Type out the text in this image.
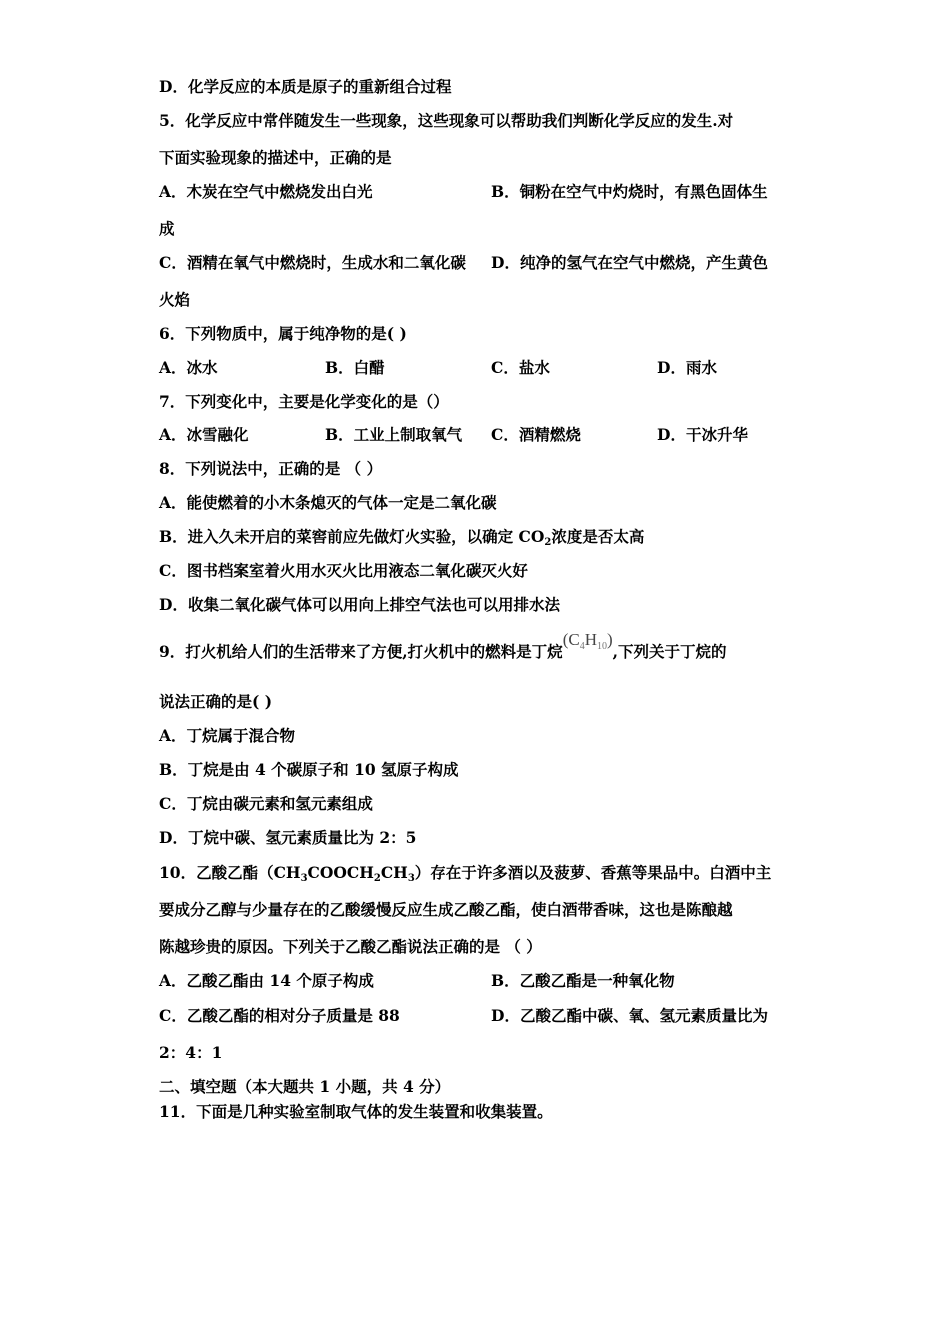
D．化学反应的本质是原子的重新组合过程
5．化学反应中常伴随发生一些现象，这些现象可以帮助我们判断化学反应的发生.对
下面实验现象的描述中，正确的是
A．木炭在空气中燃烧发出白光	B．铜粉在空气中灼烧时，有黑色固体生
成
C．酒精在氧气中燃烧时，生成水和二氧化碳 D．纯净的氢气在空气中燃烧，产生黄色
火焰
6．下列物质中，属于纯净物的是( )
A．冰水	B．白醋	C．盐水	D．雨水
7．下列变化中，主要是化学变化的是（）
A．冰雪融化	B．工业上制取氧气 C．酒精燃烧	D．干冰升华
8．下列说法中，正确的是 （ ）
A．能使燃着的小木条熄灭的气体一定是二氧化碳
B．进入久未开启的菜窖前应先做灯火实验，以确定 $CO_2$浓度是否太高
C．图书档案室着火用水灭火比用液态二氧化碳灭火好
D．收集二氧化碳气体可以用向上排空气法也可以用排水法
9．打火机给人们的生活带来了方便,打火机中的燃料是丁烷$(C_4H_{10})$,下列关于丁烷的
说法正确的是( )
A．丁烷属于混合物
B．丁烷是由 4 个碳原子和 10 氢原子构成
C．丁烷由碳元素和氢元素组成
D．丁烷中碳、氢元素质量比为 2：5
10．乙酸乙酯$(CH_3COOCH_2CH_3)$存在于许多酒以及菠萝、香蕉等果品中。白酒中主
要成分乙醇与少量存在的乙酸缓慢反应生成乙酸乙酯，使白酒带香味，这也是陈酿越
陈越珍贵的原因。下列关于乙酸乙酯说法正确的是 （ ）
A．乙酸乙酯由 14 个原子构成	B．乙酸乙酯是一种氧化物
C．乙酸乙酯的相对分子质量是 88	D．乙酸乙酯中碳、氧、氢元素质量比为
2：4：1
二、填空题（本大题共 1 小题，共 4 分）
11．下面是几种实验室制取气体的发生装置和收集装置。
